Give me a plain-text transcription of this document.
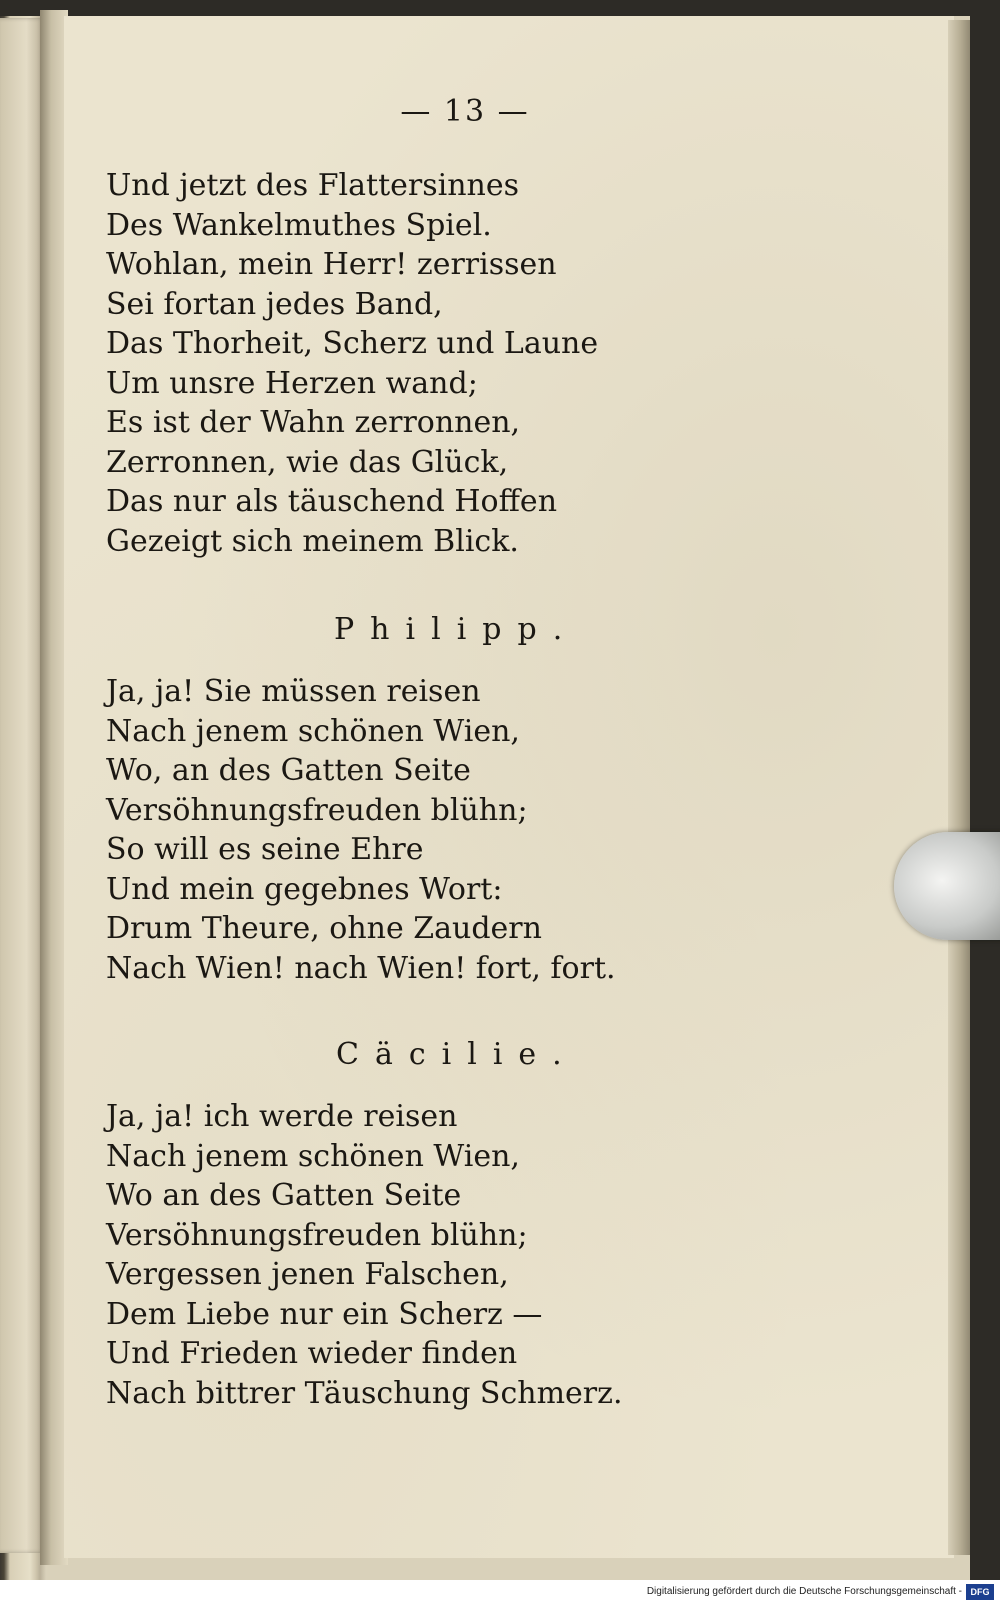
— 13 —
Und jetzt des Flattersinnes
Des Wankelmuthes Spiel.
Wohlan, mein Herr! zerrissen
Sei fortan jedes Band,
Das Thorheit, Scherz und Laune
Um unsre Herzen wand;
Es ist der Wahn zerronnen,
Zerronnen, wie das Glück,
Das nur als täuschend Hoffen
Gezeigt sich meinem Blick.
Philipp.
Ja, ja! Sie müssen reisen
Nach jenem schönen Wien,
Wo, an des Gatten Seite
Versöhnungsfreuden blühn;
So will es seine Ehre
Und mein gegebnes Wort:
Drum Theure, ohne Zaudern
Nach Wien! nach Wien! fort, fort.
Cäcilie.
Ja, ja! ich werde reisen
Nach jenem schönen Wien,
Wo an des Gatten Seite
Versöhnungsfreuden blühn;
Vergessen jenen Falschen,
Dem Liebe nur ein Scherz —
Und Frieden wieder finden
Nach bittrer Täuschung Schmerz.
Digitalisierung gefördert durch die Deutsche Forschungsgemeinschaft - DFG
